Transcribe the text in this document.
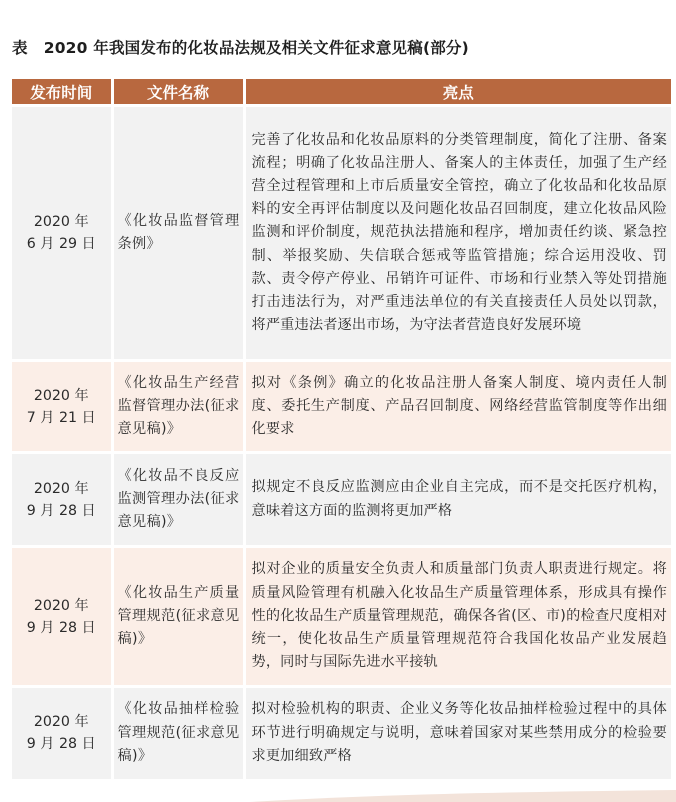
表 2020 年我国发布的化妆品法规及相关文件征求意见稿(部分)
发布时间	文件名称	亮点

2020 年
6 月 29 日	《化妆品监督管理条例》	完善了化妆品和化妆品原料的分类管理制度，简化了注册、备案流程；明确了化妆品注册人、备案人的主体责任，加强了生产经营全过程管理和上市后质量安全管控，确立了化妆品和化妆品原料的安全再评估制度以及问题化妆品召回制度，建立化妆品风险监测和评价制度，规范执法措施和程序，增加责任约谈、紧急控制、举报奖励、失信联合惩戒等监管措施；综合运用没收、罚款、责令停产停业、吊销许可证件、市场和行业禁入等处罚措施打击违法行为，对严重违法单位的有关直接责任人员处以罚款，将严重违法者逐出市场，为守法者营造良好发展环境

2020 年
7 月 21 日	《化妆品生产经营监督管理办法(征求意见稿)》	拟对《条例》确立的化妆品注册人备案人制度、境内责任人制度、委托生产制度、产品召回制度、网络经营监管制度等作出细化要求

2020 年
9 月 28 日	《化妆品不良反应监测管理办法(征求意见稿)》	拟规定不良反应监测应由企业自主完成，而不是交托医疗机构，意味着这方面的监测将更加严格

2020 年
9 月 28 日	《化妆品生产质量管理规范(征求意见稿)》	拟对企业的质量安全负责人和质量部门负责人职责进行规定。将质量风险管理有机融入化妆品生产质量管理体系，形成具有操作性的化妆品生产质量管理规范，确保各省(区、市)的检查尺度相对统一，使化妆品生产质量管理规范符合我国化妆品产业发展趋势，同时与国际先进水平接轨

2020 年
9 月 28 日	《化妆品抽样检验管理规范(征求意见稿)》	拟对检验机构的职责、企业义务等化妆品抽样检验过程中的具体环节进行明确规定与说明，意味着国家对某些禁用成分的检验要求更加细致严格
